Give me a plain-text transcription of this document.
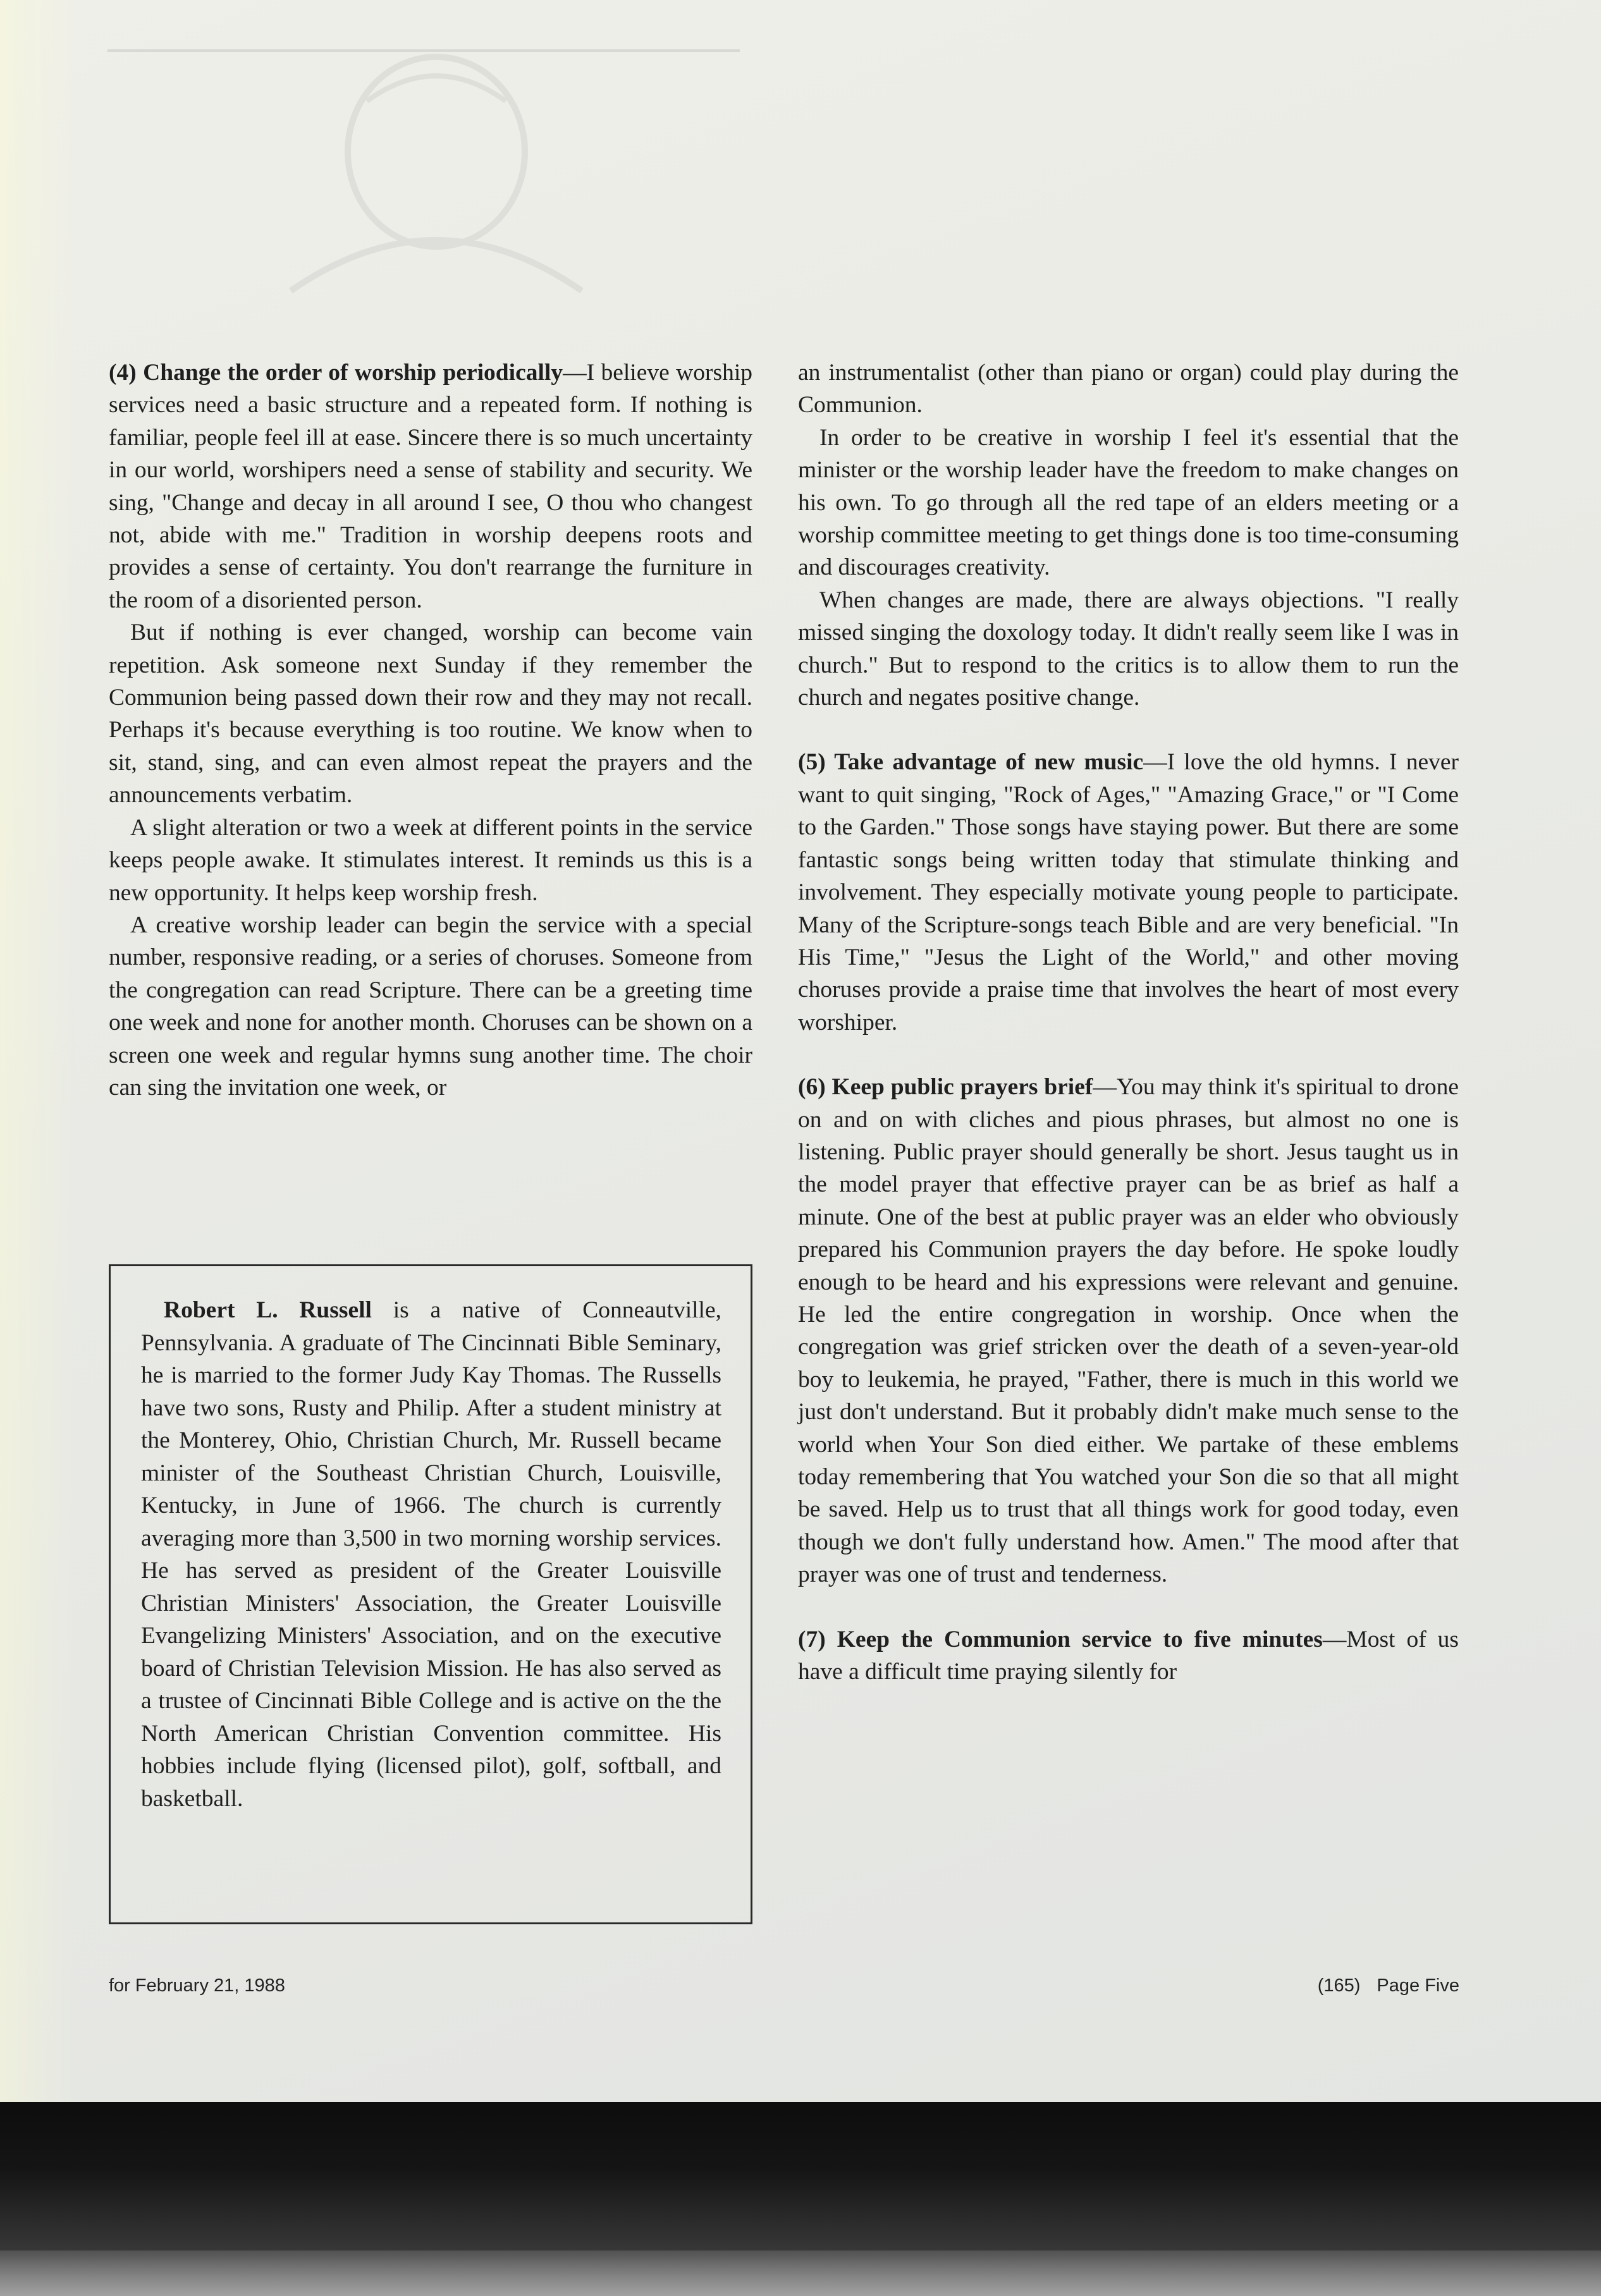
(4) Change the order of worship periodically—I believe worship services need a basic structure and a repeated form. If nothing is familiar, people feel ill at ease. Sincere there is so much uncertainty in our world, worshipers need a sense of stability and security. We sing, "Change and decay in all around I see, O thou who changest not, abide with me." Tradition in worship deepens roots and provides a sense of certainty. You don't rearrange the furniture in the room of a disoriented person.

But if nothing is ever changed, worship can become vain repetition. Ask someone next Sunday if they remember the Communion being passed down their row and they may not recall. Perhaps it's because everything is too routine. We know when to sit, stand, sing, and can even almost repeat the prayers and the announcements verbatim.

A slight alteration or two a week at different points in the service keeps people awake. It stimulates interest. It reminds us this is a new opportunity. It helps keep worship fresh.

A creative worship leader can begin the service with a special number, responsive reading, or a series of choruses. Someone from the congregation can read Scripture. There can be a greeting time one week and none for another month. Choruses can be shown on a screen one week and regular hymns sung another time. The choir can sing the invitation one week, or

Robert L. Russell is a native of Conneautville, Pennsylvania. A graduate of The Cincinnati Bible Seminary, he is married to the former Judy Kay Thomas. The Russells have two sons, Rusty and Philip. After a student ministry at the Monterey, Ohio, Christian Church, Mr. Russell became minister of the Southeast Christian Church, Louisville, Kentucky, in June of 1966. The church is currently averaging more than 3,500 in two morning worship services. He has served as president of the Greater Louisville Christian Ministers' Association, the Greater Louisville Evangelizing Ministers' Association, and on the executive board of Christian Television Mission. He has also served as a trustee of Cincinnati Bible College and is active on the the North American Christian Convention committee. His hobbies include flying (licensed pilot), golf, softball, and basketball.

an instrumentalist (other than piano or organ) could play during the Communion.

In order to be creative in worship I feel it's essential that the minister or the worship leader have the freedom to make changes on his own. To go through all the red tape of an elders meeting or a worship committee meeting to get things done is too time-consuming and discourages creativity.

When changes are made, there are always objections. "I really missed singing the doxology today. It didn't really seem like I was in church." But to respond to the critics is to allow them to run the church and negates positive change.

(5) Take advantage of new music—I love the old hymns. I never want to quit singing, "Rock of Ages," "Amazing Grace," or "I Come to the Garden." Those songs have staying power. But there are some fantastic songs being written today that stimulate thinking and involvement. They especially motivate young people to participate. Many of the Scripture-songs teach Bible and are very beneficial. "In His Time," "Jesus the Light of the World," and other moving choruses provide a praise time that involves the heart of most every worshiper.

(6) Keep public prayers brief—You may think it's spiritual to drone on and on with cliches and pious phrases, but almost no one is listening. Public prayer should generally be short. Jesus taught us in the model prayer that effective prayer can be as brief as half a minute. One of the best at public prayer was an elder who obviously prepared his Communion prayers the day before. He spoke loudly enough to be heard and his expressions were relevant and genuine. He led the entire congregation in worship. Once when the congregation was grief stricken over the death of a seven-year-old boy to leukemia, he prayed, "Father, there is much in this world we just don't understand. But it probably didn't make much sense to the world when Your Son died either. We partake of these emblems today remembering that You watched your Son die so that all might be saved. Help us to trust that all things work for good today, even though we don't fully understand how. Amen." The mood after that prayer was one of trust and tenderness.

(7) Keep the Communion service to five minutes—Most of us have a difficult time praying silently for

for February 21, 1988	(165) Page Five
